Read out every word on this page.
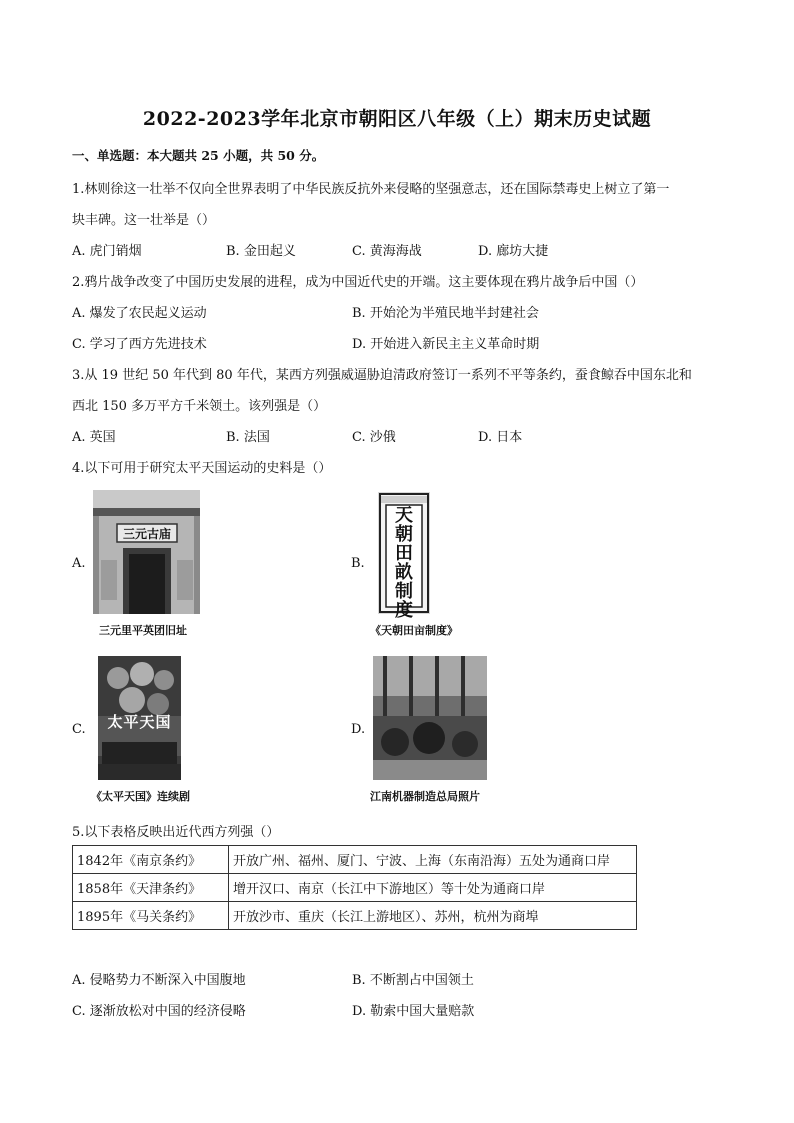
2022-2023学年北京市朝阳区八年级（上）期末历史试题
一、单选题：本大题共 25 小题，共 50 分。
1.林则徐这一壮举不仅向全世界表明了中华民族反抗外来侵略的坚强意志，还在国际禁毒史上树立了第一
块丰碑。这一壮举是（）
A. 虎门销烟	B. 金田起义	C. 黄海海战	D. 廊坊大捷
2.鸦片战争改变了中国历史发展的进程，成为中国近代史的开端。这主要体现在鸦片战争后中国（）
A. 爆发了农民起义运动	B. 开始沦为半殖民地半封建社会
C. 学习了西方先进技术	D. 开始进入新民主主义革命时期
3.从 19 世纪 50 年代到 80 年代，某西方列强威逼胁迫清政府签订一系列不平等条约，蚕食鲸吞中国东北和
西北 150 多万平方千米领土。该列强是（）
A. 英国	B. 法国	C. 沙俄	D. 日本
4.以下可用于研究太平天国运动的史料是（）
A.
三元古庙
三元里平英团旧址
B.
天朝田畝制度
《天朝田亩制度》
C.	太平天国
《太平天国》连续剧
D.
江南机器制造总局照片
5.以下表格反映出近代西方列强（）
1842年《南京条约》	开放广州、福州、厦门、宁波、上海（东南沿海）五处为通商口岸
1858年《天津条约》	增开汉口、南京（长江中下游地区）等十处为通商口岸
1895年《马关条约》	开放沙市、重庆（长江上游地区）、苏州，杭州为商埠
A. 侵略势力不断深入中国腹地	B. 不断割占中国领土
C. 逐渐放松对中国的经济侵略	D. 勒索中国大量赔款
